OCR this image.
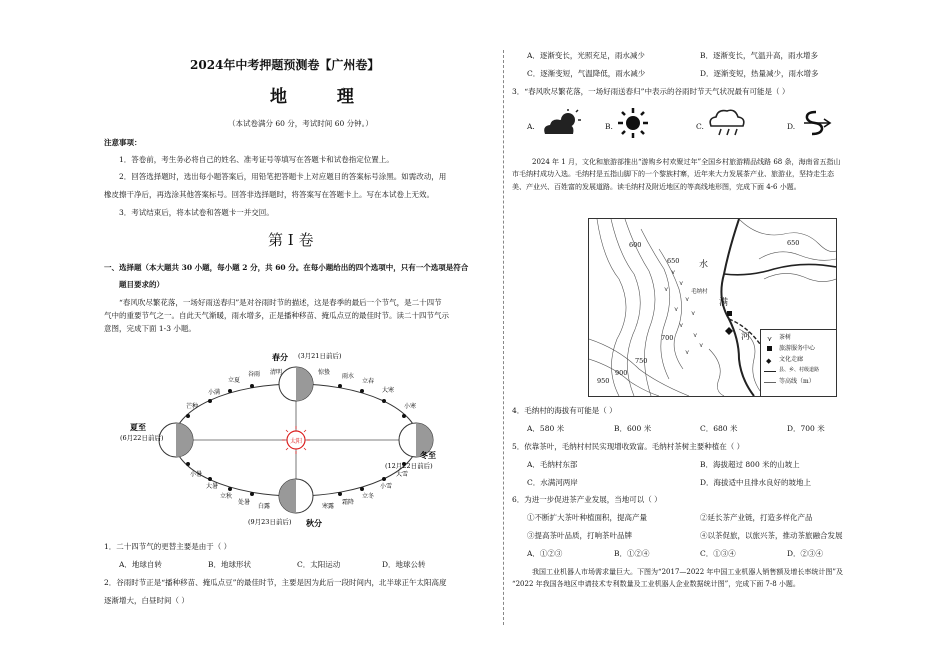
2024年中考押题预测卷【广州卷】
地 理
（本试卷满分 60 分，考试时间 60 分钟。）
注意事项：
1．答卷前，考生务必将自己的姓名、准考证号等填写在答题卡和试卷指定位置上。
2．回答选择题时，选出每小题答案后，用铅笔把答题卡上对应题目的答案标号涂黑。如需改动，用
橡皮擦干净后，再选涂其他答案标号。回答非选择题时，将答案写在答题卡上。写在本试卷上无效。
3．考试结束后，将本试卷和答题卡一并交回。
第 I 卷
一、选择题（本大题共 30 小题，每小题 2 分，共 60 分。在每小题给出的四个选项中，只有一个选项是符合
题目要求的）
“春风吹尽繁花落，一场好雨送春归”是对谷雨时节的描述，这是春季的最后一个节气，是二十四节
气中的重要节气之一。自此天气渐暖，雨水增多，正是播种移苗、掩瓜点豆的最佳时节。读二十四节气示
意图，完成下面 1-3 小题。
太阳
春分 (3月21日前后)
夏至
(6月22日前后)
冬至
(12月22日前后)
秋分
(9月23日前后)
立夏
谷雨 清明
小满
芒种
惊蛰
雨水
立春
大寒
小寒
小暑
大暑
立秋
处暑
白露	寒露
霜降
立冬
小雪
大雪
1．二十四节气的更替主要是由于（ ）
A．地球自转	B．地球形状	C．太阳运动	D．地球公转
2．谷雨时节正是“播种移苗、掩瓜点豆”的最佳时节，主要是因为此后一段时间内，北半球正午太阳高度
逐渐增大，白昼时间（ ）
A．逐渐变长，光照充足，雨水减少	B．逐渐变长，气温升高，雨水增多
C．逐渐变短，气温降低，雨水减少	D．逐渐变短，热量减少，雨水增多
3．“春风吹尽繁花落，一场好雨送春归”中表示的谷雨时节天气状况最有可能是（ ）
A.	B.	C.	D.
2024 年 1 月，文化和旅游部推出“游购乡村欢聚过年”全国乡村旅游精品线路 68 条，海南省五指山
市毛纳村成功入选。毛纳村是五指山脚下的一个黎族村寨，近年来大力发展茶产业、旅游业，坚持走生态
美、产业兴、百姓富的发展道路。读毛纳村及附近地区的等高线地形图，完成下面 4-6 小题。
⋎
⋎
⋎
⋎
⋎
⋎
⋎
⋎
⋎
⋎
600	650
650
700
750
900
950
水
满
河
毛纳村
⋎ 茶树
旅游服务中心
◆ 文化走廊
县、乡、村级道路
等高线（m）
4．毛纳村的海拔有可能是（ ）
A．580 米	B．600 米	C．680 米	D．700 米
5．依靠茶叶，毛纳村村民实现增收致富。毛纳村茶树主要种植在（ ）
A．毛纳村东部	B．海拔超过 800 米的山坡上
C．水满河两岸	D．海拔适中且排水良好的坡地上
6．为进一步促进茶产业发展，当地可以（ ）
①不断扩大茶叶种植面积，提高产量	②延长茶产业链，打造多样化产品
③提高茶叶品质，打响茶叶品牌	④以茶促旅，以旅兴茶，推动茶旅融合发展
A．①②③	B．①②④	C．①③④	D．②③④
我国工业机器人市场需求量巨大。下图为“2017—2022 年中国工业机器人销售额及增长率统计图”及
“2022 年我国各地区申请技术专利数量及工业机器人企业数据统计图”，完成下面 7-8 小题。
